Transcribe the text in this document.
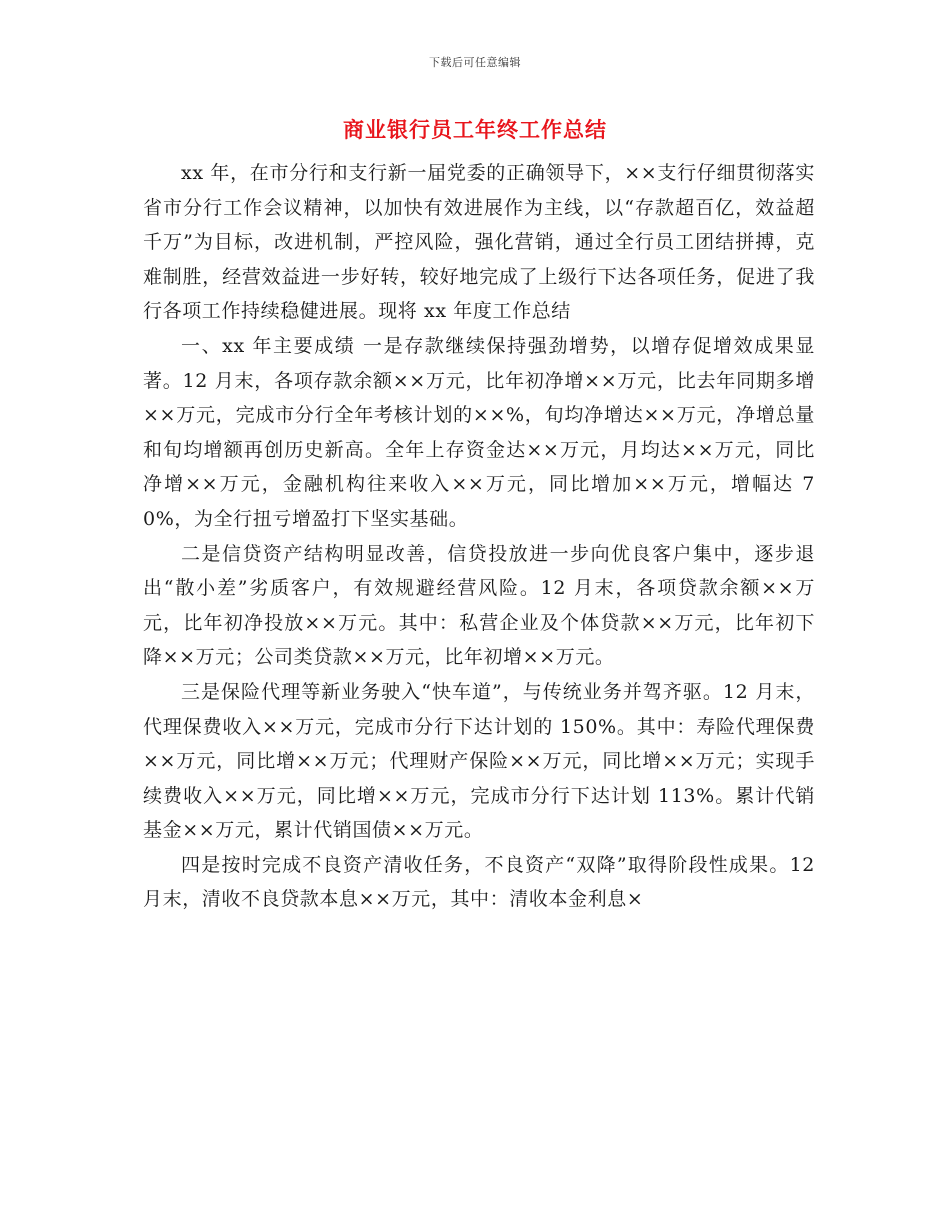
下载后可任意编辑
商业银行员工年终工作总结

xx 年，在市分行和支行新一届党委的正确领导下，××支行仔细贯彻落实省市分行工作会议精神，以加快有效进展作为主线，以“存款超百亿，效益超千万”为目标，改进机制，严控风险，强化营销，通过全行员工团结拼搏，克难制胜，经营效益进一步好转，较好地完成了上级行下达各项任务，促进了我行各项工作持续稳健进展。现将 xx 年度工作总结

一、xx 年主要成绩 一是存款继续保持强劲增势，以增存促增效成果显著。12 月末，各项存款余额××万元，比年初净增××万元，比去年同期多增××万元，完成市分行全年考核计划的××%，旬均净增达××万元，净增总量和旬均增额再创历史新高。全年上存资金达××万元，月均达××万元，同比净增××万元，金融机构往来收入××万元，同比增加××万元，增幅达 70%，为全行扭亏增盈打下坚实基础。

二是信贷资产结构明显改善，信贷投放进一步向优良客户集中，逐步退出“散小差”劣质客户，有效规避经营风险。12 月末，各项贷款余额××万元，比年初净投放××万元。其中：私营企业及个体贷款××万元，比年初下降××万元；公司类贷款××万元，比年初增××万元。

三是保险代理等新业务驶入“快车道”，与传统业务并驾齐驱。12 月末，代理保费收入××万元，完成市分行下达计划的 150%。其中：寿险代理保费××万元，同比增××万元；代理财产保险××万元，同比增××万元；实现手续费收入××万元，同比增××万元，完成市分行下达计划 113%。累计代销基金××万元，累计代销国债××万元。

四是按时完成不良资产清收任务，不良资产“双降”取得阶段性成果。12 月末，清收不良贷款本息××万元，其中：清收本金利息×
